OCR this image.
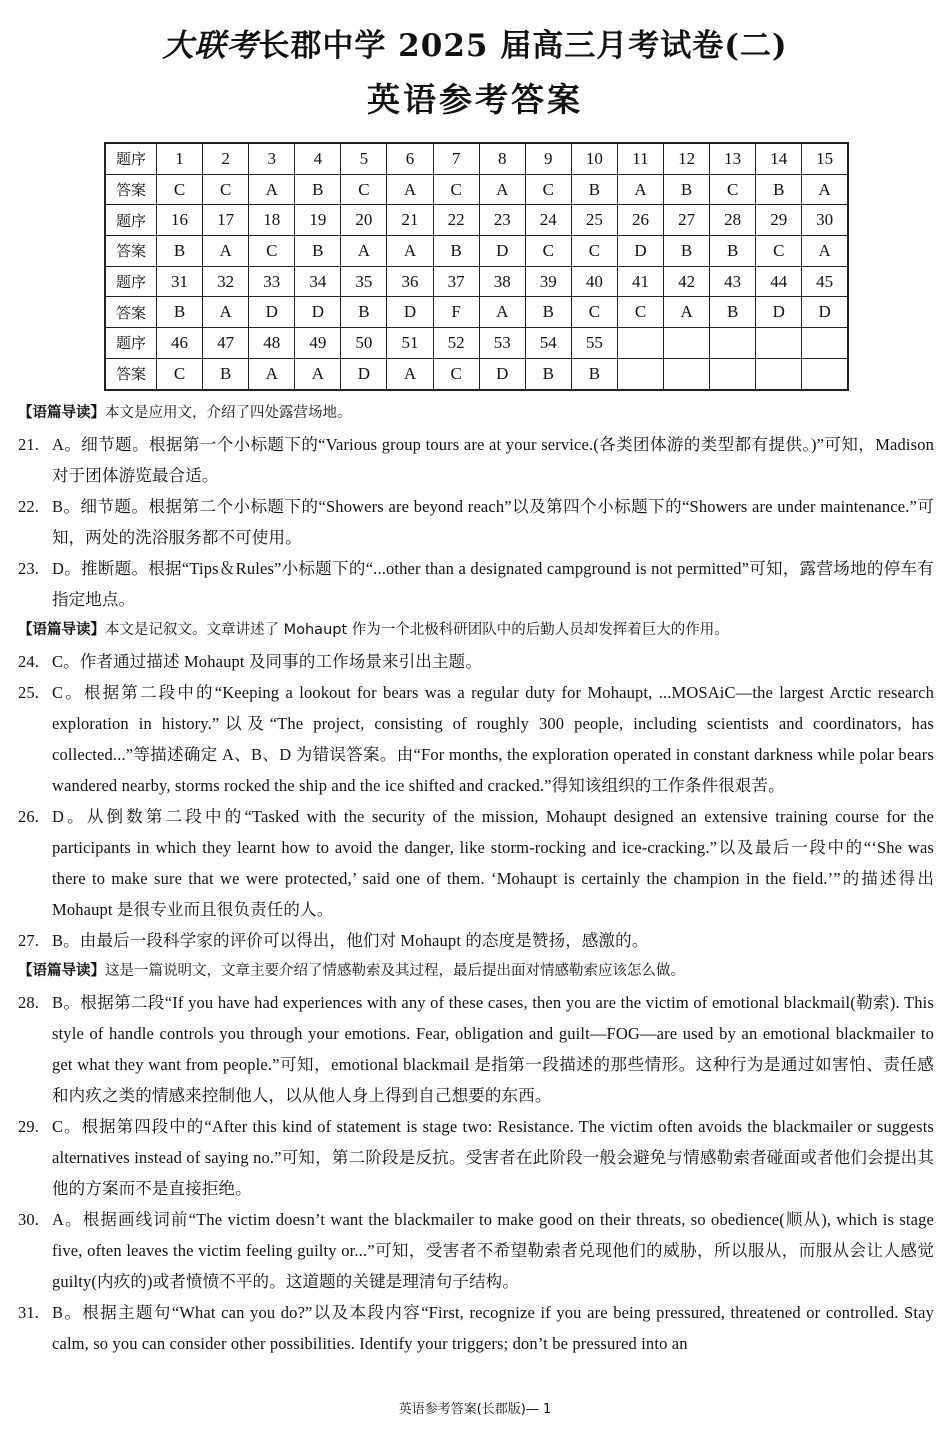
大联考长郡中学 2025 届高三月考试卷(二)
英语参考答案
题序	1	2	3	4	5	6	7	8	9	10	11	12	13	14	15
答案	C	C	A	B	C	A	C	A	C	B	A	B	C	B	A
题序	16	17	18	19	20	21	22	23	24	25	26	27	28	29	30
答案	B	A	C	B	A	A	B	D	C	C	D	B	B	C	A
题序	31	32	33	34	35	36	37	38	39	40	41	42	43	44	45
答案	B	A	D	D	B	D	F	A	B	C	C	A	B	D	D
题序	46	47	48	49	50	51	52	53	54	55					
答案	C	B	A	A	D	A	C	D	B	B					
【语篇导读】本文是应用文，介绍了四处露营场地。
21. A。细节题。根据第一个小标题下的“Various group tours are at your service.(各类团体游的类型都有提供。)”可知，Madison 对于团体游览最合适。
22. B。细节题。根据第二个小标题下的“Showers are beyond reach”以及第四个小标题下的“Showers are under maintenance.”可知，两处的洗浴服务都不可使用。
23. D。推断题。根据“Tips＆Rules”小标题下的“...other than a designated campground is not permitted”可知，露营场地的停车有指定地点。
【语篇导读】本文是记叙文。文章讲述了 Mohaupt 作为一个北极科研团队中的后勤人员却发挥着巨大的作用。
24. C。作者通过描述 Mohaupt 及同事的工作场景来引出主题。
25. C。根据第二段中的“Keeping a lookout for bears was a regular duty for Mohaupt, ...MOSAiC—the largest Arctic research exploration in history.”以及“The project, consisting of roughly 300 people, including scientists and coordinators, has collected...”等描述确定 A、B、D 为错误答案。由“For months, the exploration operated in constant darkness while polar bears wandered nearby, storms rocked the ship and the ice shifted and cracked.”得知该组织的工作条件很艰苦。
26. D。从倒数第二段中的“Tasked with the security of the mission, Mohaupt designed an extensive training course for the participants in which they learnt how to avoid the danger, like storm-rocking and ice-cracking.”以及最后一段中的“‘She was there to make sure that we were protected,’ said one of them. ‘Mohaupt is certainly the champion in the field.’”的描述得出 Mohaupt 是很专业而且很负责任的人。
27. B。由最后一段科学家的评价可以得出，他们对 Mohaupt 的态度是赞扬，感激的。
【语篇导读】这是一篇说明文，文章主要介绍了情感勒索及其过程，最后提出面对情感勒索应该怎么做。
28. B。根据第二段“If you have had experiences with any of these cases, then you are the victim of emotional blackmail(勒索). This style of handle controls you through your emotions. Fear, obligation and guilt—FOG—are used by an emotional blackmailer to get what they want from people.”可知，emotional blackmail 是指第一段描述的那些情形。这种行为是通过如害怕、责任感和内疚之类的情感来控制他人，以从他人身上得到自己想要的东西。
29. C。根据第四段中的“After this kind of statement is stage two: Resistance. The victim often avoids the blackmailer or suggests alternatives instead of saying no.”可知，第二阶段是反抗。受害者在此阶段一般会避免与情感勒索者碰面或者他们会提出其他的方案而不是直接拒绝。
30. A。根据画线词前“The victim doesn’t want the blackmailer to make good on their threats, so obedience(顺从), which is stage five, often leaves the victim feeling guilty or...”可知，受害者不希望勒索者兑现他们的威胁，所以服从，而服从会让人感觉 guilty(内疚的)或者愤愤不平的。这道题的关键是理清句子结构。
31. B。根据主题句“What can you do?”以及本段内容“First, recognize if you are being pressured, threatened or controlled. Stay calm, so you can consider other possibilities. Identify your triggers; don’t be pressured into an
英语参考答案(长郡版)— 1
